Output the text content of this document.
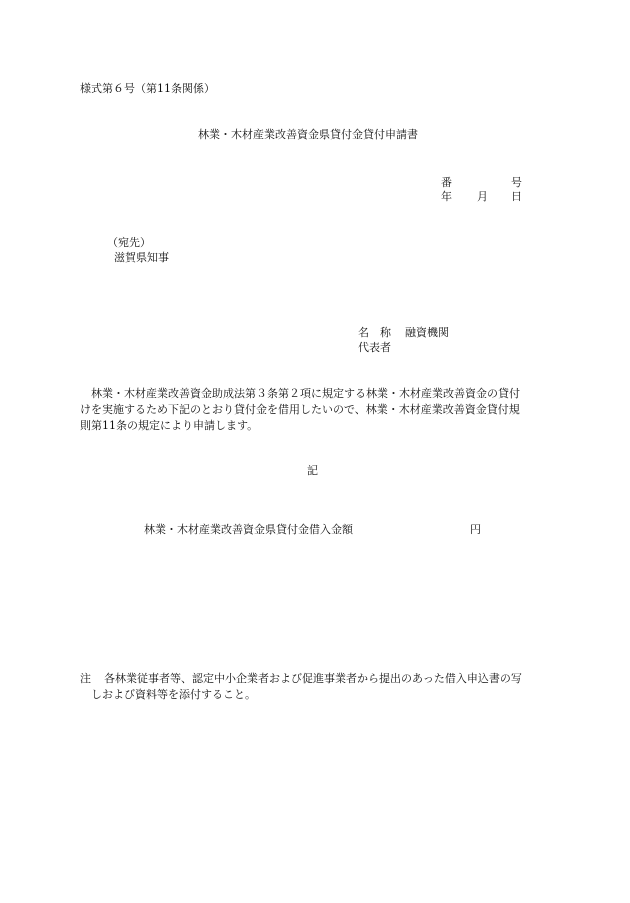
様式第６号（第11条関係）
林業・木材産業改善資金県貸付金貸付申請書
番	号
年 月 日
（宛先）
滋賀県知事
名　称 融資機関
代表者
　林業・木材産業改善資金助成法第３条第２項に規定する林業・木材産業改善資金の貸付
けを実施するため下記のとおり貸付金を借用したいので、林業・木材産業改善資金貸付規
則第11条の規定により申請します。
記
林業・木材産業改善資金県貸付金借入金額	円
注 各林業従事者等、認定中小企業者および促進事業者から提出のあった借入申込書の写
しおよび資料等を添付すること。
